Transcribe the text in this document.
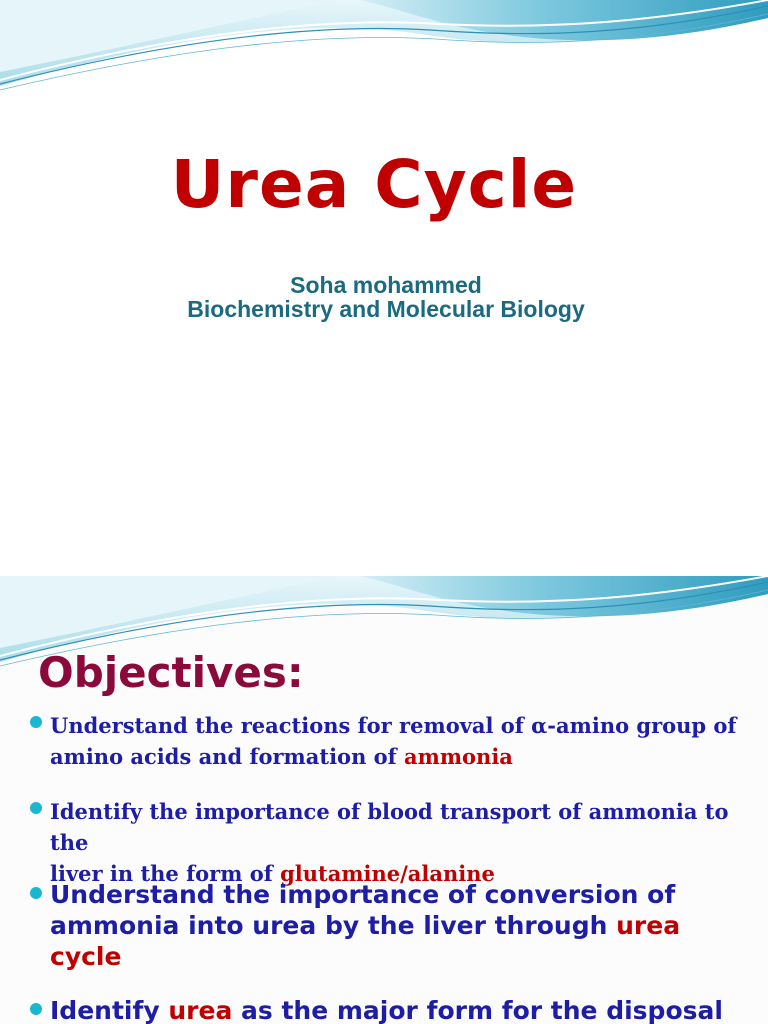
Urea Cycle
Soha mohammed
Biochemistry and Molecular Biology
Objectives:
Understand the reactions for removal of α-amino group of
amino acids and formation of ammonia
Identify the importance of blood transport of ammonia to the
liver in the form of glutamine/alanine
Understand the importance of conversion of
ammonia into urea by the liver through urea
cycle
Identify urea as the major form for the disposal
